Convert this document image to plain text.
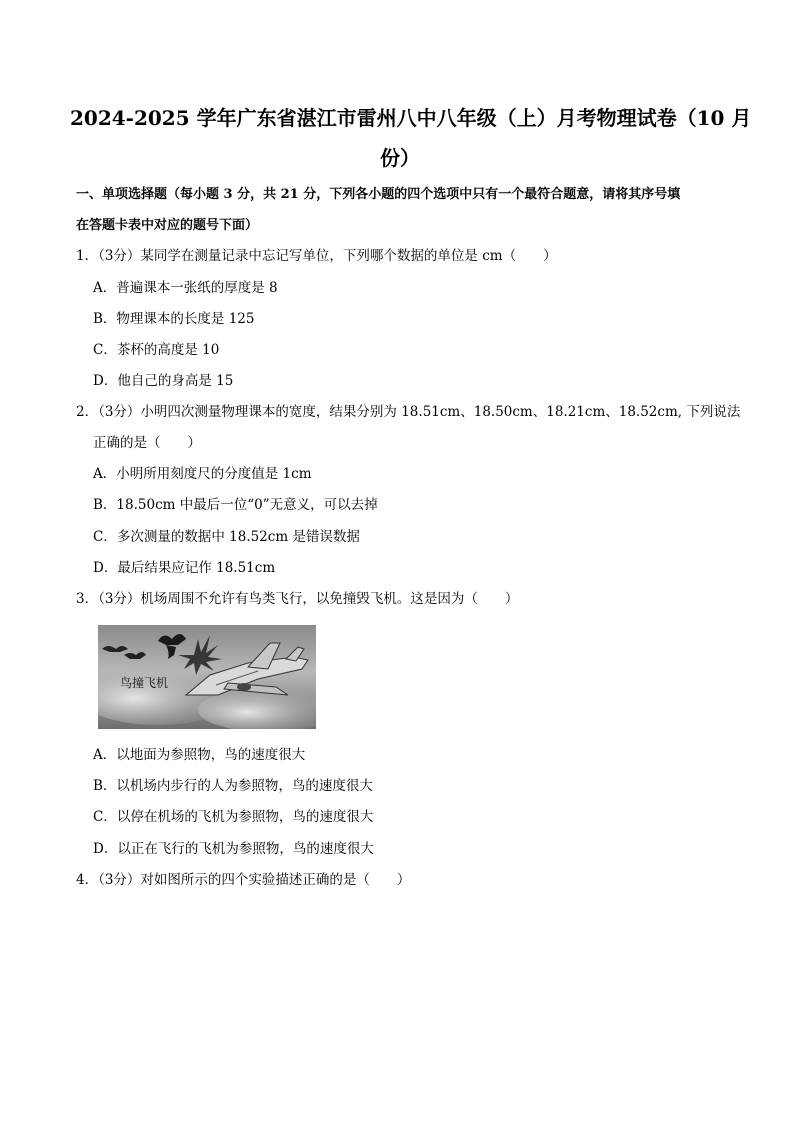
2024-2025 学年广东省湛江市雷州八中八年级（上）月考物理试卷（10 月
份）
一、单项选择题（每小题 3 分，共 21 分，下列各小题的四个选项中只有一个最符合题意，请将其序号填
在答题卡表中对应的题号下面）
1．（3分）某同学在测量记录中忘记写单位，下列哪个数据的单位是 cm（　　）
A．普遍课本一张纸的厚度是 8
B．物理课本的长度是 125
C．茶杯的高度是 10
D．他自己的身高是 15
2．（3分）小明四次测量物理课本的宽度，结果分别为 18.51cm、18.50cm、18.21cm、18.52cm, 下列说法
正确的是（　　）
A．小明所用刻度尺的分度值是 1cm
B．18.50cm 中最后一位“0”无意义，可以去掉
C．多次测量的数据中 18.52cm 是错误数据
D．最后结果应记作 18.51cm
3．（3分）机场周围不允许有鸟类飞行，以免撞毁飞机。这是因为（　　）
鸟撞飞机
A．以地面为参照物，鸟的速度很大
B．以机场内步行的人为参照物，鸟的速度很大
C．以停在机场的飞机为参照物，鸟的速度很大
D．以正在飞行的飞机为参照物，鸟的速度很大
4．（3分）对如图所示的四个实验描述正确的是（　　）
